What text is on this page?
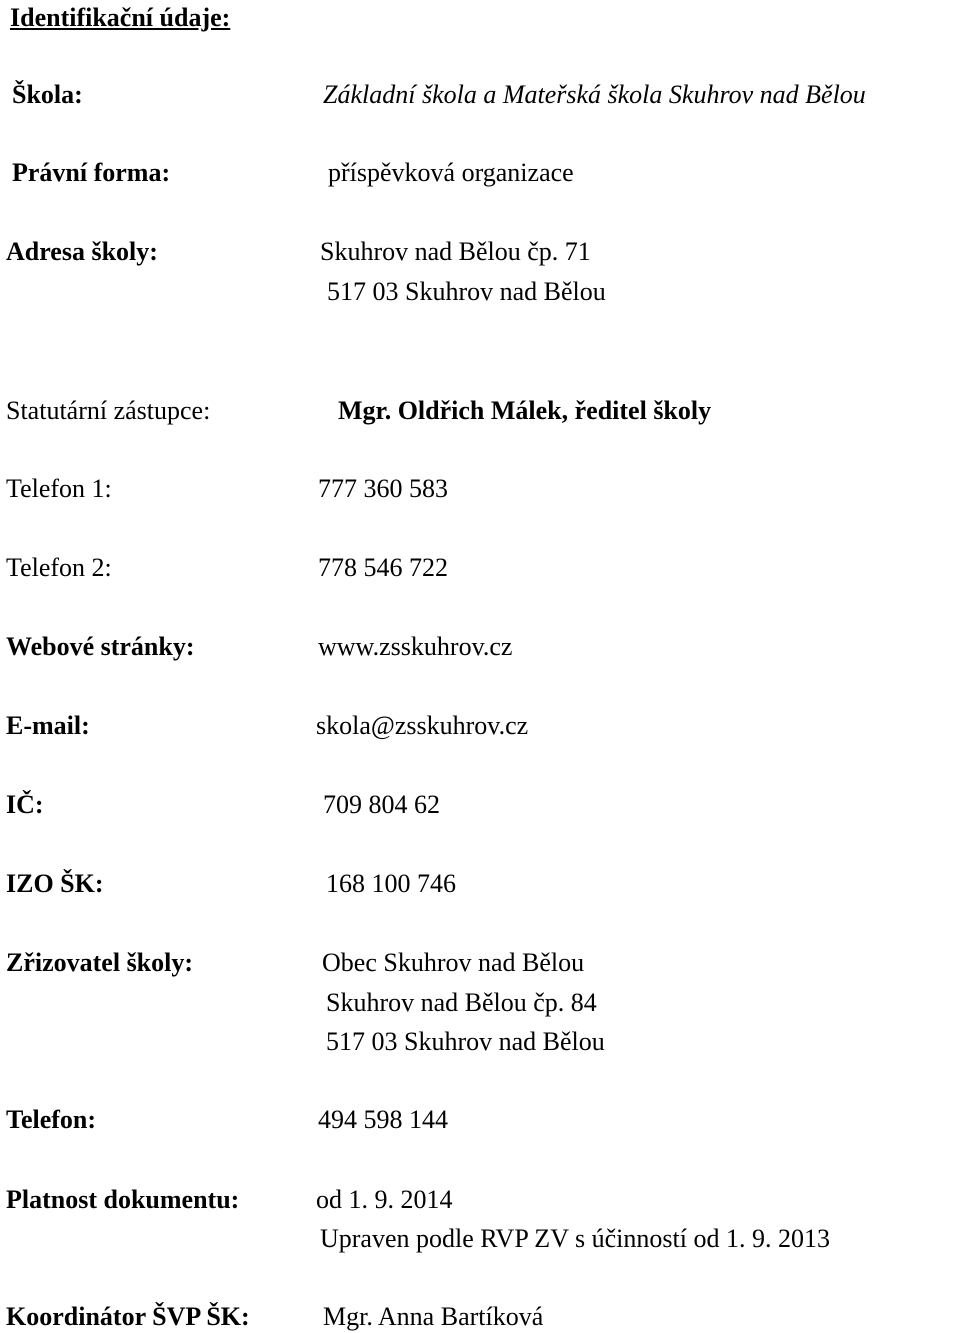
Identifikační údaje:
Škola:	Základní škola a Mateřská škola Skuhrov nad Bělou
Právní forma:	příspěvková organizace
Adresa školy:	Skuhrov nad Bělou čp. 71
517 03 Skuhrov nad Bělou
Statutární zástupce:	Mgr. Oldřich Málek, ředitel školy
Telefon 1:	777 360 583
Telefon 2:	778 546 722
Webové stránky:	www.zsskuhrov.cz
E-mail:	skola@zsskuhrov.cz
IČ:	709 804 62
IZO ŠK:	168 100 746
Zřizovatel školy:	Obec Skuhrov nad Bělou
Skuhrov nad Bělou čp. 84
517 03 Skuhrov nad Bělou
Telefon:	494 598 144
Platnost dokumentu:	od 1. 9. 2014
Upraven podle RVP ZV s účinností od 1. 9. 2013
Koordinátor ŠVP ŠK:	Mgr. Anna Bartíková
